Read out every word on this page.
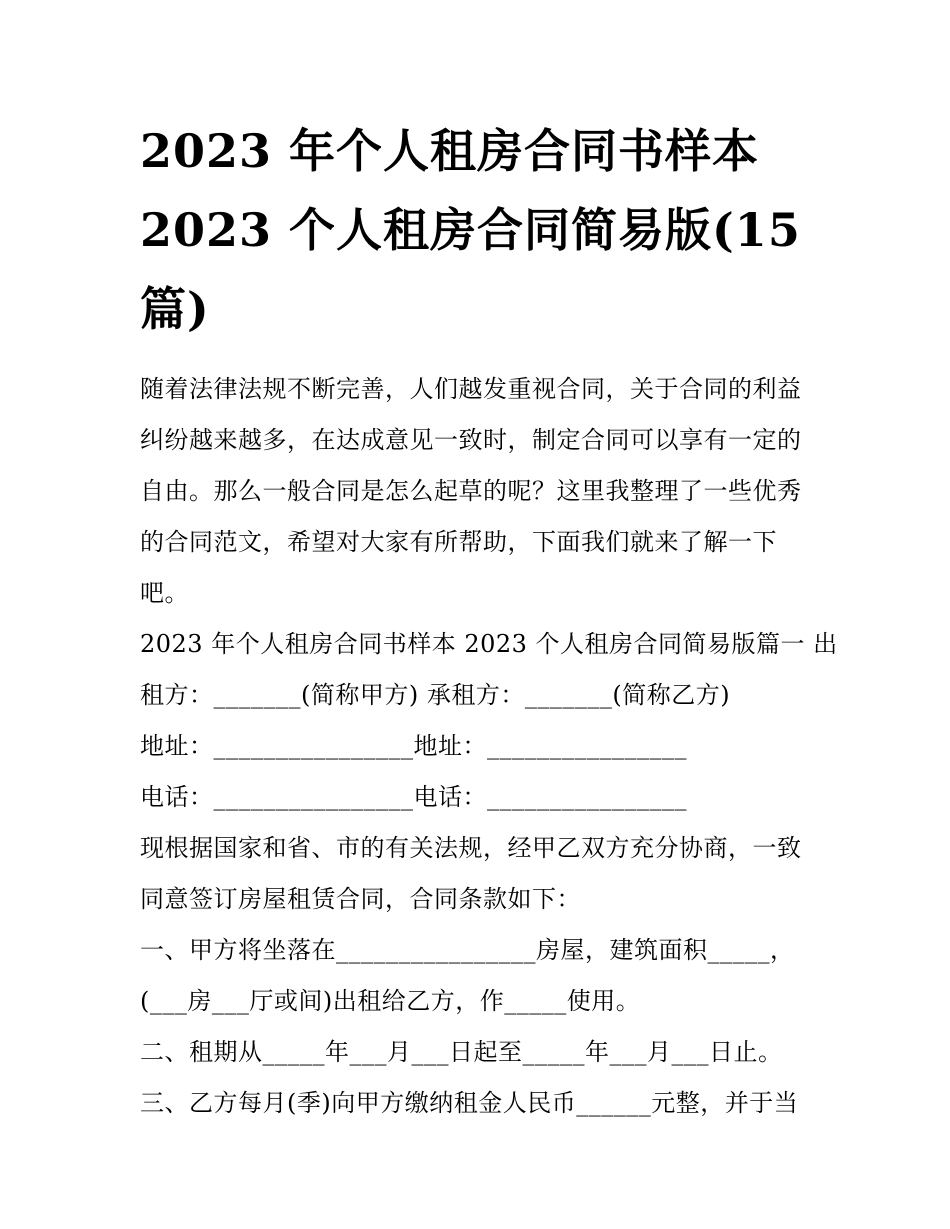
2023 年个人租房合同书样本
2023 个人租房合同简易版(15
篇)

随着法律法规不断完善，人们越发重视合同，关于合同的利益
纠纷越来越多，在达成意见一致时，制定合同可以享有一定的
自由。那么一般合同是怎么起草的呢？这里我整理了一些优秀
的合同范文，希望对大家有所帮助，下面我们就来了解一下
吧。

2023 年个人租房合同书样本 2023 个人租房合同简易版篇一 出
租方：_______(简称甲方) 承租方：_______(简称乙方)
地址：________________地址：________________
电话：________________电话：________________
现根据国家和省、市的有关法规，经甲乙双方充分协商，一致
同意签订房屋租赁合同，合同条款如下：
一、甲方将坐落在________________房屋，建筑面积_____，
(___房___厅或间)出租给乙方，作_____使用。
二、租期从_____年___月___日起至_____年___月___日止。
三、乙方每月(季)向甲方缴纳租金人民币______元整，并于当
